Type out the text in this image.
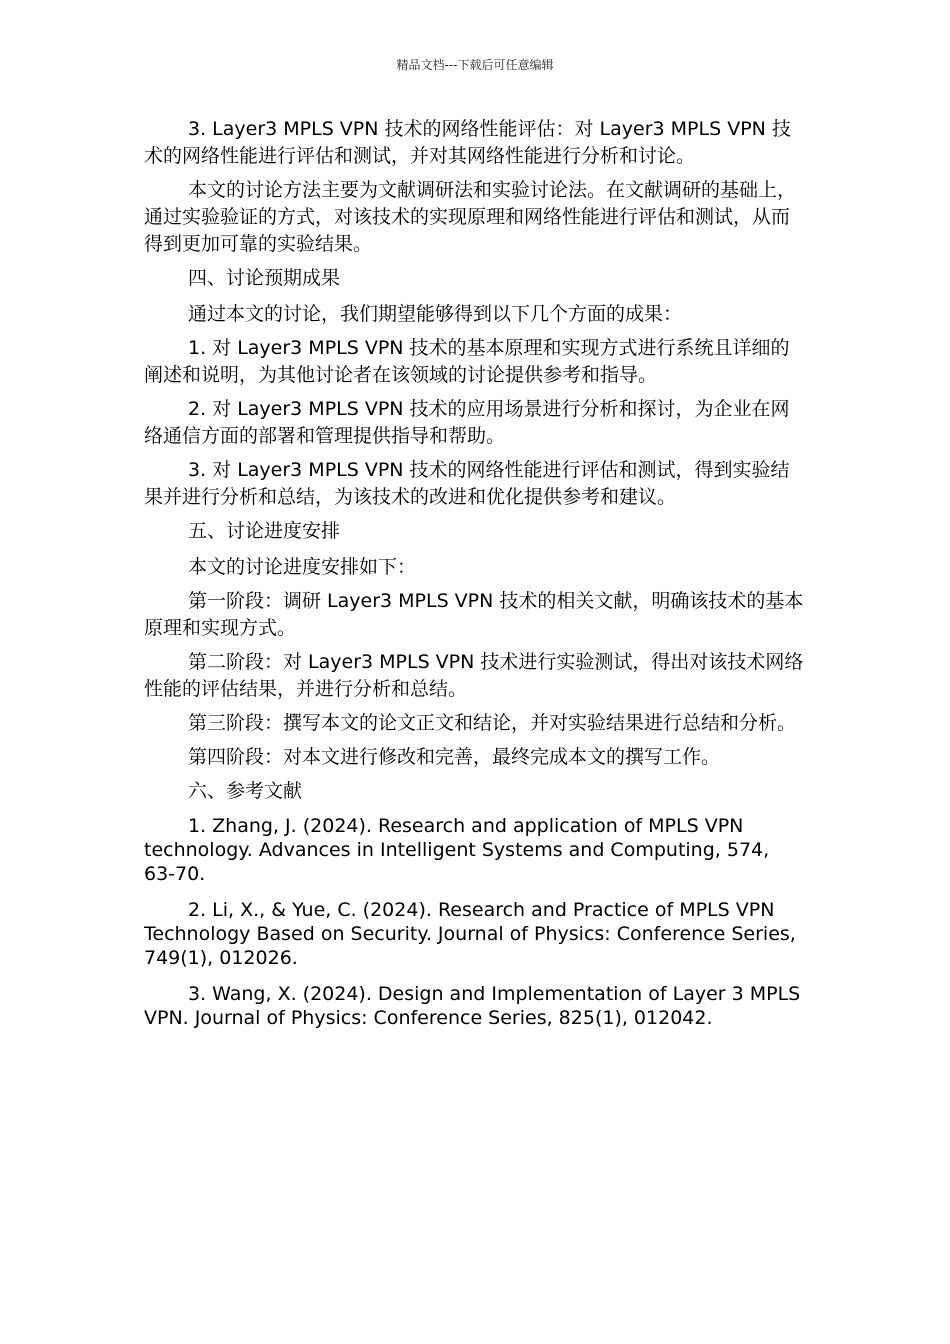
精品文档---下载后可任意编辑

3. Layer3 MPLS VPN 技术的网络性能评估：对 Layer3 MPLS VPN 技术的网络性能进行评估和测试，并对其网络性能进行分析和讨论。

本文的讨论方法主要为文献调研法和实验讨论法。在文献调研的基础上，通过实验验证的方式，对该技术的实现原理和网络性能进行评估和测试，从而得到更加可靠的实验结果。

四、讨论预期成果

通过本文的讨论，我们期望能够得到以下几个方面的成果：

1. 对 Layer3 MPLS VPN 技术的基本原理和实现方式进行系统且详细的阐述和说明，为其他讨论者在该领域的讨论提供参考和指导。

2. 对 Layer3 MPLS VPN 技术的应用场景进行分析和探讨，为企业在网络通信方面的部署和管理提供指导和帮助。

3. 对 Layer3 MPLS VPN 技术的网络性能进行评估和测试，得到实验结果并进行分析和总结，为该技术的改进和优化提供参考和建议。

五、讨论进度安排

本文的讨论进度安排如下：

第一阶段：调研 Layer3 MPLS VPN 技术的相关文献，明确该技术的基本原理和实现方式。

第二阶段：对 Layer3 MPLS VPN 技术进行实验测试，得出对该技术网络性能的评估结果，并进行分析和总结。

第三阶段：撰写本文的论文正文和结论，并对实验结果进行总结和分析。

第四阶段：对本文进行修改和完善，最终完成本文的撰写工作。

六、参考文献

1. Zhang, J. (2024). Research and application of MPLS VPN technology. Advances in Intelligent Systems and Computing, 574, 63-70.

2. Li, X., & Yue, C. (2024). Research and Practice of MPLS VPN Technology Based on Security. Journal of Physics: Conference Series, 749(1), 012026.

3. Wang, X. (2024). Design and Implementation of Layer 3 MPLS VPN. Journal of Physics: Conference Series, 825(1), 012042.
